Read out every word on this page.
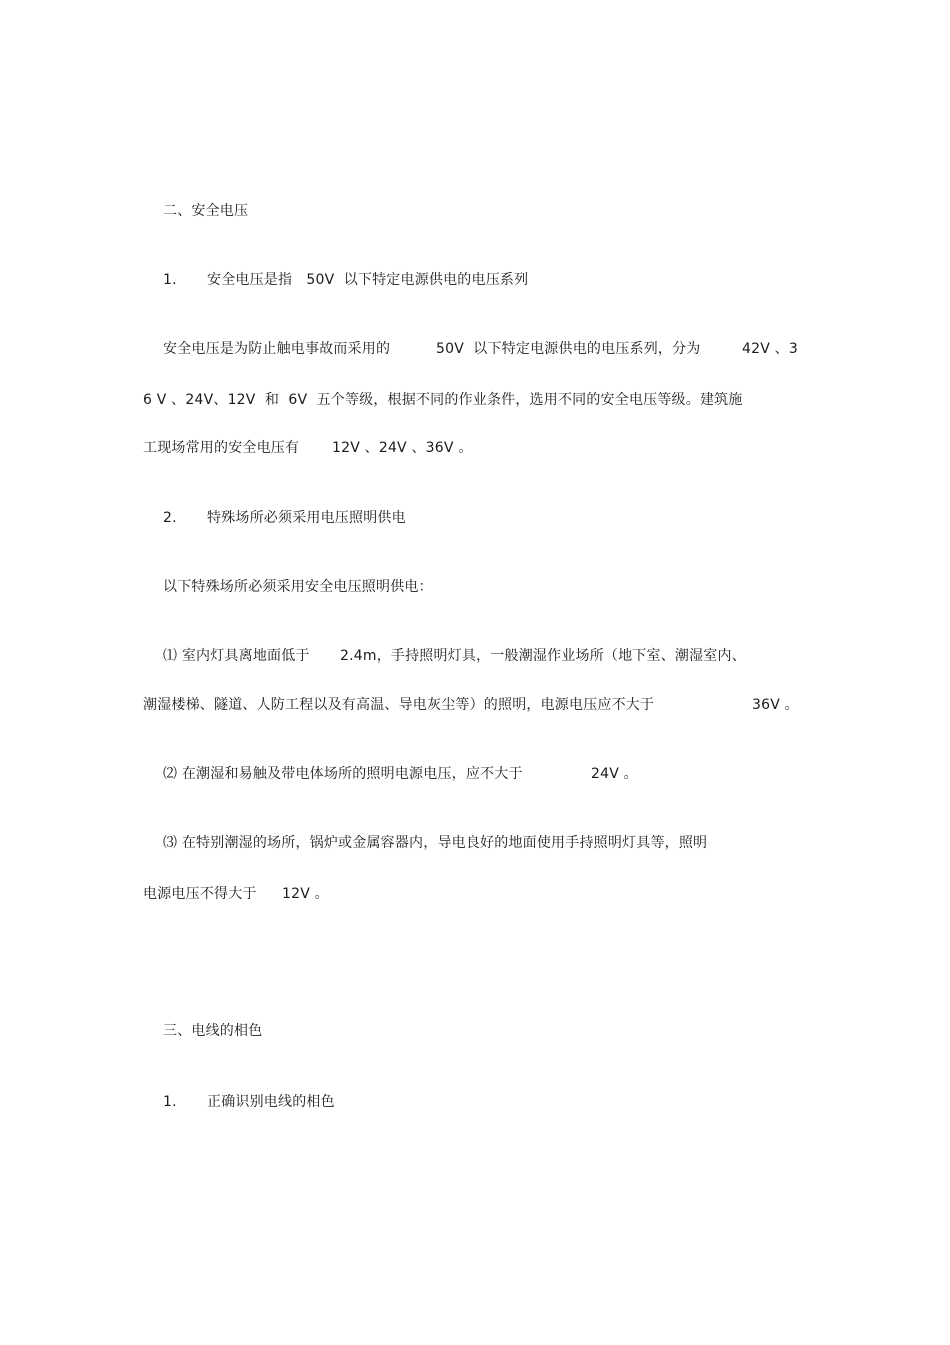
二、安全电压
1. 安全电压是指　50V  以下特定电源供电的电压系列
安全电压是为防止触电事故而采用的	50V  以下特定电源供电的电压系列，分为	42V 、3
6 V 、24V、12V  和  6V  五个等级，根据不同的作业条件，选用不同的安全电压等级。建筑施
工现场常用的安全电压有 12V 、24V 、36V 。
2. 特殊场所必须采用电压照明供电
以下特殊场所必须采用安全电压照明供电：
⑴ 室内灯具离地面低于 2.4m，手持照明灯具，一般潮湿作业场所（地下室、潮湿室内、
潮湿楼梯、隧道、人防工程以及有高温、导电灰尘等）的照明，电源电压应不大于	36V 。
⑵ 在潮湿和易触及带电体场所的照明电源电压，应不大于	24V 。
⑶ 在特别潮湿的场所，锅炉或金属容器内，导电良好的地面使用手持照明灯具等，照明
电源电压不得大于 12V 。
三、电线的相色
1. 正确识别电线的相色
